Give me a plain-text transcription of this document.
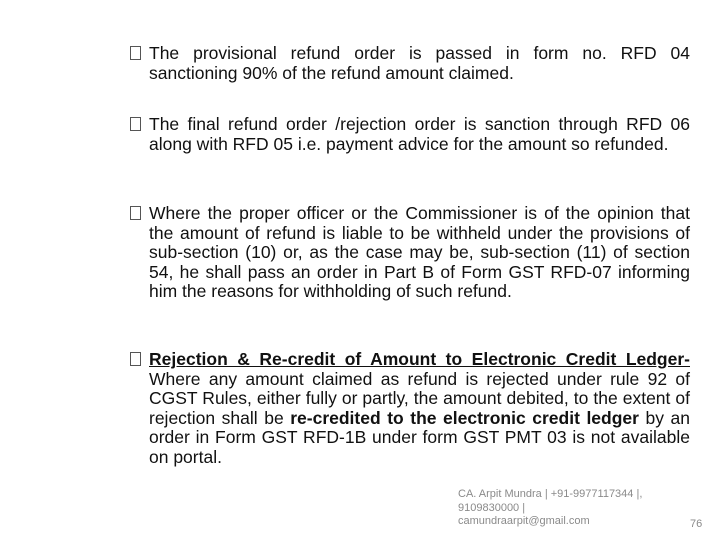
The provisional refund order is passed in form no. RFD 04 sanctioning 90% of the refund amount claimed.
The final refund order /rejection order is sanction through RFD 06 along with RFD 05 i.e. payment advice for the amount so refunded.
Where the proper officer or the Commissioner is of the opinion that the amount of refund is liable to be withheld under the provisions of sub-section (10) or, as the case may be, sub-section (11) of section 54, he shall pass an order in Part B of Form GST RFD-07 informing him the reasons for withholding of such refund.
Rejection & Re-credit of Amount to Electronic Credit Ledger- Where any amount claimed as refund is rejected under rule 92 of CGST Rules, either fully or partly, the amount debited, to the extent of rejection shall be re-credited to the electronic credit ledger by an order in Form GST RFD-1B under form GST PMT 03 is not available on portal.
CA. Arpit Mundra | +91-9977117344 |,
9109830000 |
camundraarpit@gmail.com	76
